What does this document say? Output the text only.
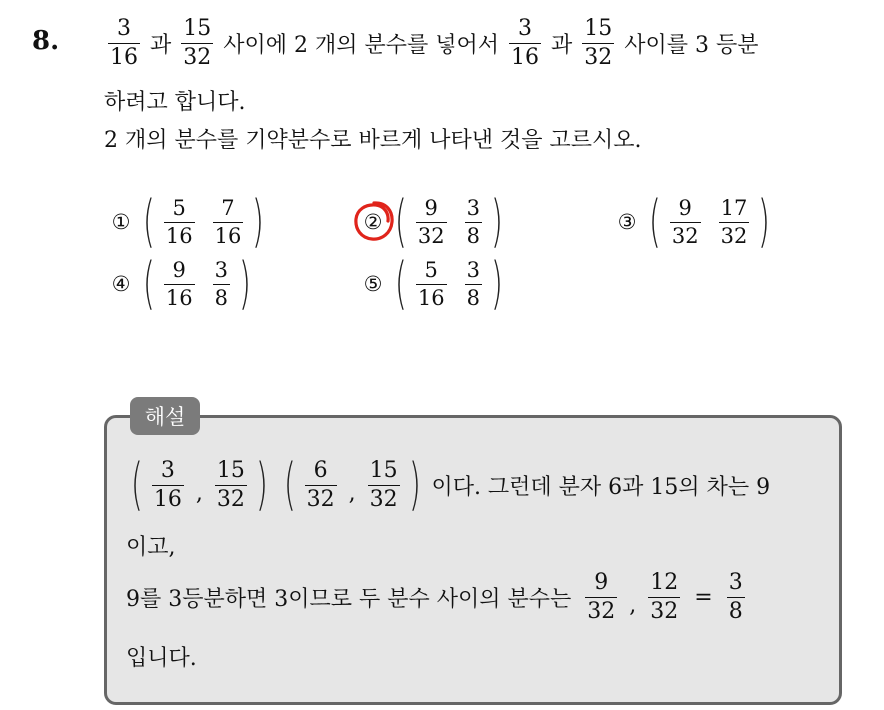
8. $\frac{3}{16}$ 과 $\frac{15}{32}$ 사이에 2 개의 분수를 넣어서 $\frac{3}{16}$ 과 $\frac{15}{32}$ 사이를 3 등분
하려고 합니다.
2 개의 분수를 기약분수로 바르게 나타낸 것을 고르시오.
① ( $\frac{5}{16} \frac{7}{16}$ )	② ( $\frac{9}{32} \frac{3}{8}$ )	③ ( $\frac{9}{32} \frac{17}{32}$ )
④ ( $\frac{9}{16} \frac{3}{8}$ )	⑤ ( $\frac{5}{16} \frac{3}{8}$ )
해설
( $\frac{3}{16}$ , $\frac{15}{32}$ ) ( $\frac{6}{32}$ , $\frac{15}{32}$ ) 이다. 그런데 분자 6과 15의 차는 9
이고,
9를 3등분하면 3이므로 두 분수 사이의 분수는 $\frac{9}{32}$ , $\frac{12}{32} = \frac{3}{8}$
입니다.
